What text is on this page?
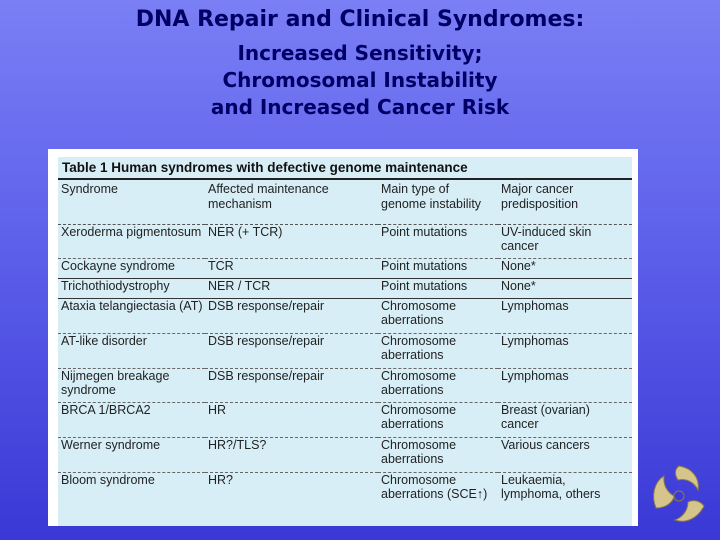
DNA Repair and Clinical Syndromes:
Increased Sensitivity;
Chromosomal Instability
and Increased Cancer Risk
Table 1 Human syndromes with defective genome maintenance
Syndrome	Affected maintenance mechanism	Main type of genome instability	Major cancer predisposition
Xeroderma pigmentosum	NER (+ TCR)	Point mutations	UV-induced skin cancer
Cockayne syndrome	TCR	Point mutations	None*
Trichothiodystrophy	NER / TCR	Point mutations	None*
Ataxia telangiectasia (AT)	DSB response/repair	Chromosome aberrations	Lymphomas
AT-like disorder	DSB response/repair	Chromosome aberrations	Lymphomas
Nijmegen breakage syndrome	DSB response/repair	Chromosome aberrations	Lymphomas
BRCA 1/BRCA2	HR	Chromosome aberrations	Breast (ovarian) cancer
Werner syndrome	HR?/TLS?	Chromosome aberrations	Various cancers
Bloom syndrome	HR?	Chromosome aberrations (SCE↑)	Leukaemia, lymphoma, others
